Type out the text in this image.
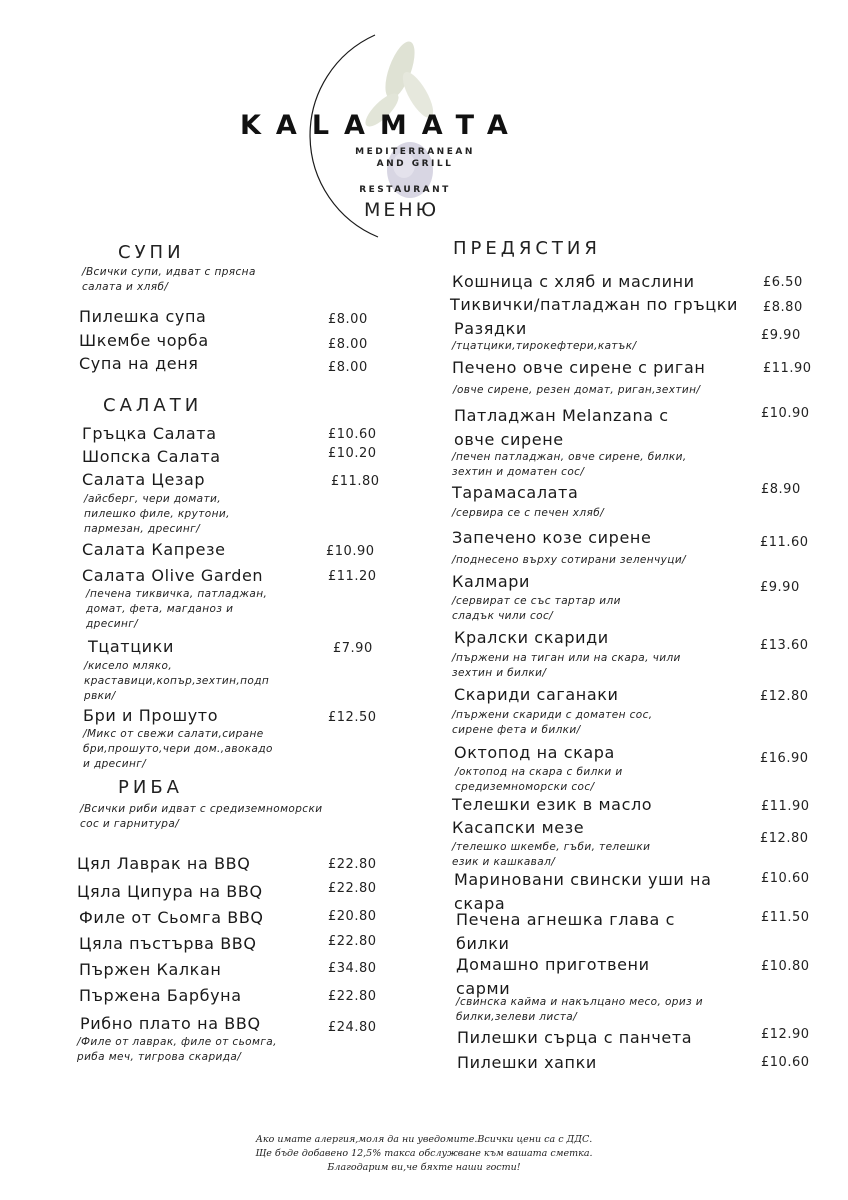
KALAMATA
MEDITERRANEAN
AND GRILL
RESTAURANT
МЕНЮ
СУПИ
/Всички супи, идват с прясна салата и хляб/
Пилешка супа	£8.00
Шкембе чорба	£8.00
Супа на деня	£8.00
САЛАТИ
Гръцка Салата	£10.60
Шопска Салата	£10.20
Салата Цезар	£11.80
/айсберг, чери домати, пилешко филе, крутони, пармезан, дресинг/
Салата Капрезе	£10.90
Салата Olive Garden	£11.20
/печена тиквичка, патладжан, домат, фета, магданоз и дресинг/
Тцатцики	£7.90
/кисело мляко, краставици,копър,зехтин,подп рвки/
Бри и Прошуто	£12.50
/Микс от свежи салати,сиране бри,прошуто,чери дом.,авокадо и дресинг/
РИБА
/Всички риби идват с средиземноморски сос и гарнитура/
Цял Лаврак на BBQ	£22.80
Цяла Ципура на BBQ	£22.80
Филе от Сьомга BBQ	£20.80
Цяла пъстърва BBQ	£22.80
Пържен Калкан	£34.80
Пържена Барбуна	£22.80
Рибно плато на BBQ	£24.80
/Филе от лаврак, филе от сьомга, риба меч, тигрова скарида/
ПРЕДЯСТИЯ
Кошница с хляб и маслини	£6.50
Тиквички/патладжан по гръцки £8.80
Разядки	£9.90
/тцатцики,тирокефтери,катък/
Печено овче сирене с риган	£11.90
/овче сирене, резен домат, риган,зехтин/
Патладжан Melanzana с овче сирене
£10.90
/печен патладжан, овче сирене, билки, зехтин и доматен сос/
Тарамасалата	£8.90
/сервира се с печен хляб/
Запечено козе сирене	£11.60
/поднесено върху сотирани зеленчуци/
Калмари	£9.90
/сервират се със тартар или сладък чили сос/
Кралски скариди	£13.60
/пържени на тиган или на скара, чили зехтин и билки/
Скариди саганаки	£12.80
/пържени скариди с доматен сос, сирене фета и билки/
Октопод на скара	£16.90
/октопод на скара с билки и средиземноморски сос/
Телешки език в масло	£11.90
Касапски мезе
£12.80
/телешко шкембе, гъби, телешки език и кашкавал/
Мариновани свински уши на скара
£10.60
Печена агнешка глава с билки
£11.50
Домашно приготвени сарми
£10.80
/свинска кайма и накълцано месо, ориз и билки,зелеви листа/
Пилешки сърца с панчета	£12.90
Пилешки хапки	£10.60
Ако имате алергия,моля да ни уведомите.Всички цени са с ДДС.
Ще бъде добавено 12,5% такса обслужване към вашата сметка.
Благодарим ви,че бяхте наши гости!
